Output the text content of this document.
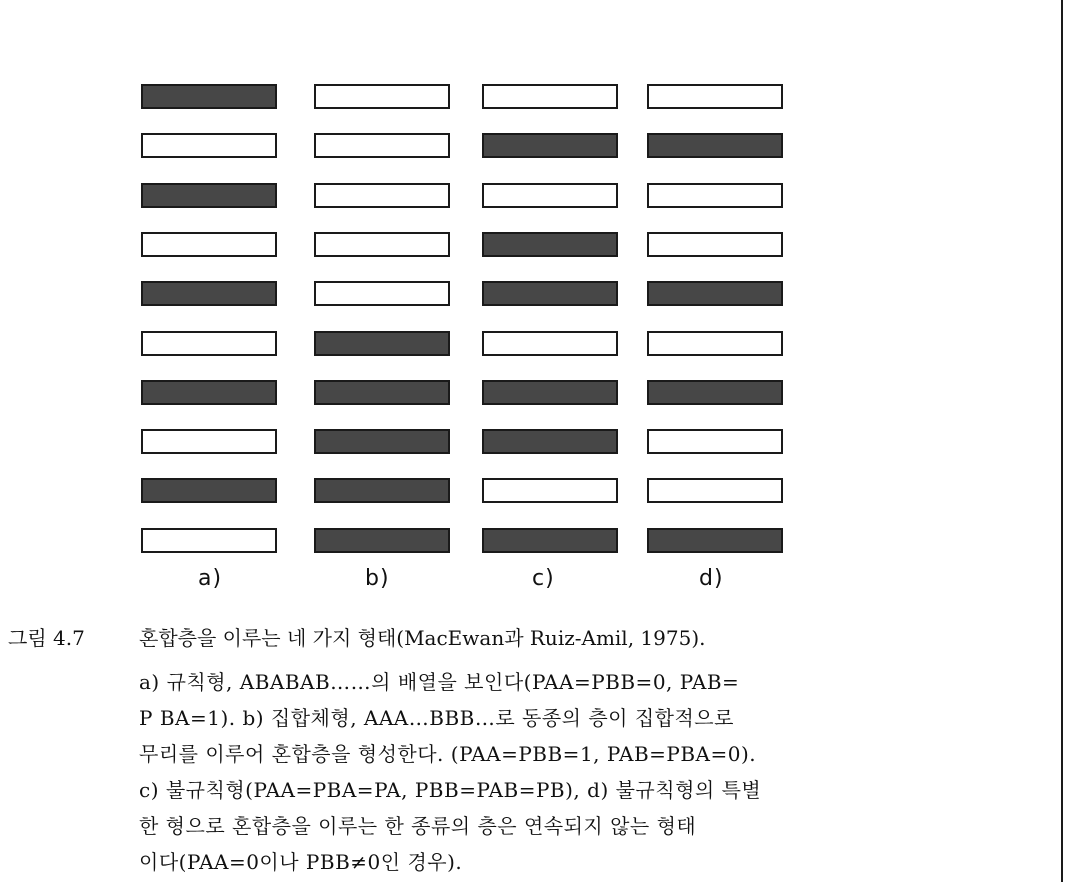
a)	b)	c)	d)
그림 4.7	혼합층을 이루는 네 가지 형태(MacEwan과 Ruiz-Amil, 1975).
a) 규칙형, ABABAB……의 배열을 보인다(PAA=PBB=0, PAB=
P BA=1). b) 집합체형, AAA…BBB…로 동종의 층이 집합적으로
무리를 이루어 혼합층을 형성한다. (PAA=PBB=1, PAB=PBA=0).
c) 불규칙형(PAA=PBA=PA, PBB=PAB=PB), d) 불규칙형의 특별
한 형으로 혼합층을 이루는 한 종류의 층은 연속되지 않는 형태
이다(PAA=0이나 PBB≠0인 경우).
